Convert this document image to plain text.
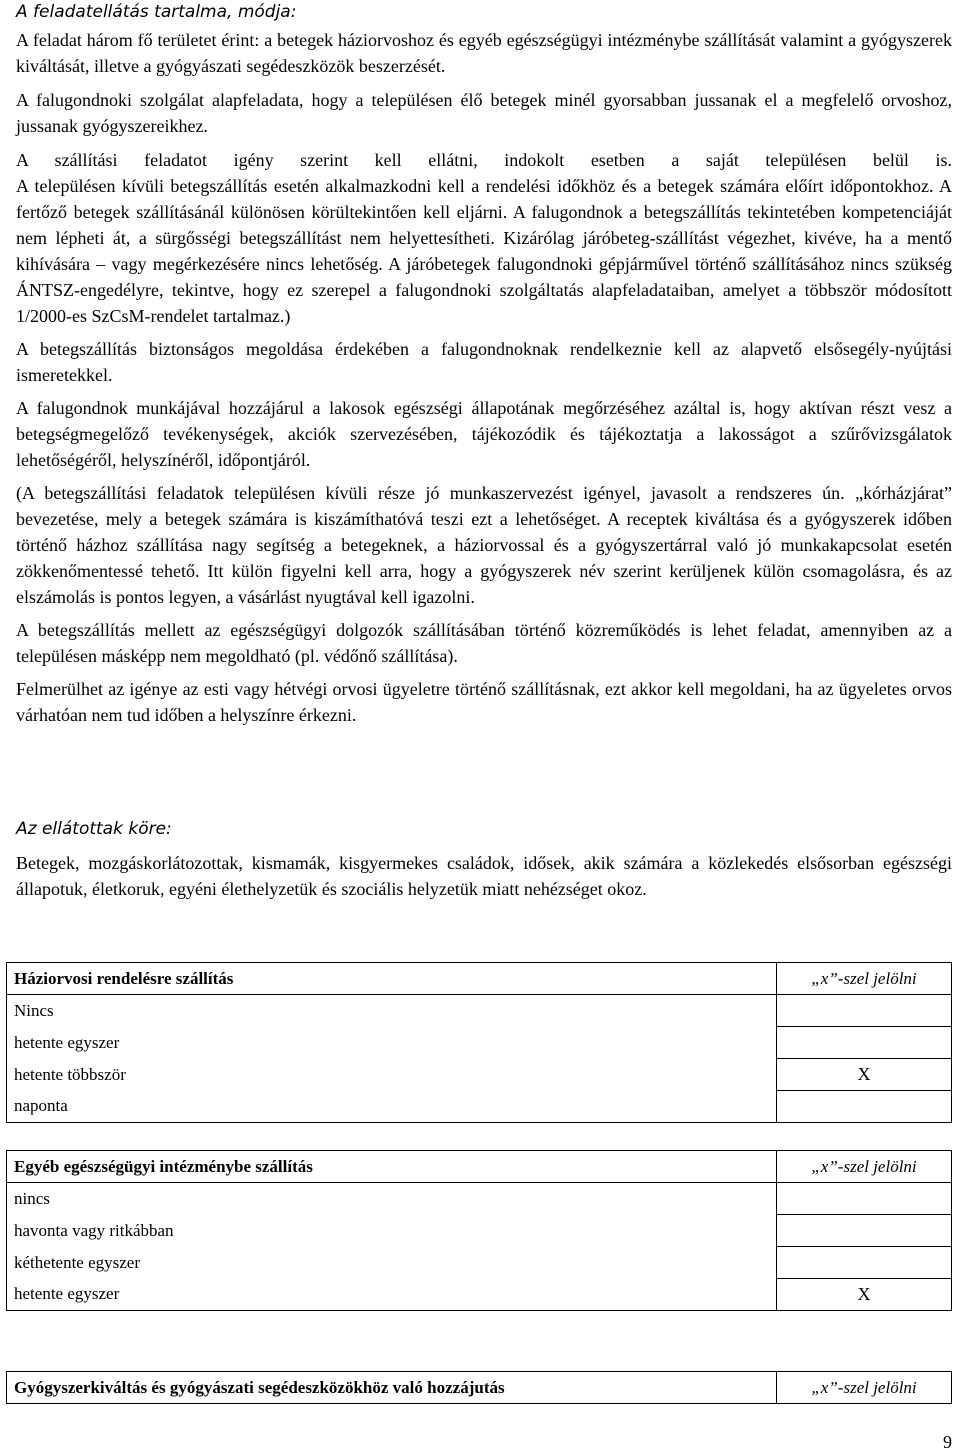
A feladatellátás tartalma, módja:

A feladat három fő területet érint: a betegek háziorvoshoz és egyéb egészségügyi intézménybe szállítását valamint a gyógyszerek kiváltását, illetve a gyógyászati segédeszközök beszerzését.

A falugondnoki szolgálat alapfeladata, hogy a településen élő betegek minél gyorsabban jussanak el a megfelelő orvoshoz, jussanak gyógyszereikhez.

A szállítási feladatot igény szerint kell ellátni, indokolt esetben a saját településen belül is.
A településen kívüli betegszállítás esetén alkalmazkodni kell a rendelési időkhöz és a betegek számára előírt időpontokhoz. A fertőző betegek szállításánál különösen körültekintően kell eljárni. A falugondnok a betegszállítás tekintetében kompetenciáját nem lépheti át, a sürgősségi betegszállítást nem helyettesítheti. Kizárólag járóbeteg-szállítást végezhet, kivéve, ha a mentő kihívására – vagy megérkezésére nincs lehetőség. A járóbetegek falugondnoki gépjárművel történő szállításához nincs szükség ÁNTSZ-engedélyre, tekintve, hogy ez szerepel a falugondnoki szolgáltatás alapfeladataiban, amelyet a többször módosított 1/2000-es SzCsM-rendelet tartalmaz.)

A betegszállítás biztonságos megoldása érdekében a falugondnoknak rendelkeznie kell az alapvető elsősegély-nyújtási ismeretekkel.

A falugondnok munkájával hozzájárul a lakosok egészségi állapotának megőrzéséhez azáltal is, hogy aktívan részt vesz a betegségmegelőző tevékenységek, akciók szervezésében, tájékozódik és tájékoztatja a lakosságot a szűrővizsgálatok lehetőségéről, helyszínéről, időpontjáról.

(A betegszállítási feladatok településen kívüli része jó munkaszervezést igényel, javasolt a rendszeres ún. „kórházjárat” bevezetése, mely a betegek számára is kiszámíthatóvá teszi ezt a lehetőséget. A receptek kiváltása és a gyógyszerek időben történő házhoz szállítása nagy segítség a betegeknek, a háziorvossal és a gyógyszertárral való jó munkakapcsolat esetén zökkenőmentessé tehető. Itt külön figyelni kell arra, hogy a gyógyszerek név szerint kerüljenek külön csomagolásra, és az elszámolás is pontos legyen, a vásárlást nyugtával kell igazolni.

A betegszállítás mellett az egészségügyi dolgozók szállításában történő közreműködés is lehet feladat, amennyiben az a településen másképp nem megoldható (pl. védőnő szállítása).

Felmerülhet az igénye az esti vagy hétvégi orvosi ügyeletre történő szállításnak, ezt akkor kell megoldani, ha az ügyeletes orvos várhatóan nem tud időben a helyszínre érkezni.

Az ellátottak köre:

Betegek, mozgáskorlátozottak, kismamák, kisgyermekes családok, idősek, akik számára a közlekedés elsősorban egészségi állapotuk, életkoruk, egyéni élethelyzetük és szociális helyzetük miatt nehézséget okoz.

Háziorvosi rendelésre szállítás	„x”-szel jelölni
Nincs	
hetente egyszer	
hetente többször	X
naponta	
Egyéb egészségügyi intézménybe szállítás	„x”-szel jelölni
nincs	
havonta vagy ritkábban	
kéthetente egyszer	
hetente egyszer	X
Gyógyszerkiváltás és gyógyászati segédeszközökhöz való hozzájutás	„x”-szel jelölni
9
